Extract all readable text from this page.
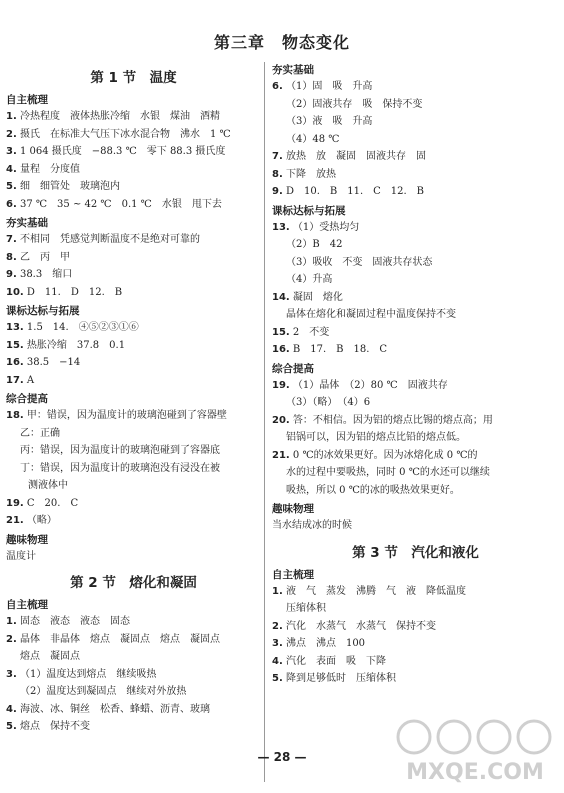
第三章　物态变化
第 1 节　温度
自主梳理
1. 冷热程度　液体热胀冷缩　水银　煤油　酒精
2. 摄氏　在标准大气压下冰水混合物　沸水　1 ℃
3. 1 064 摄氏度　−88.3 ℃　零下 88.3 摄氏度
4. 量程　分度值
5. 细　细管处　玻璃泡内
6. 37 ℃　35 ~ 42 ℃　0.1 ℃　水银　甩下去
夯实基础
7. 不相同　凭感觉判断温度不是绝对可靠的
8. 乙　丙　甲
9. 38.3　缩口
10. D　11.　D　12.　B
课标达标与拓展
13. 1.5　14.　④⑤②③①⑥
15. 热胀冷缩　37.8　0.1
16. 38.5　−14
17. A
综合提高
18. 甲：错误，因为温度计的玻璃泡碰到了容器壁
乙：正确
丙：错误，因为温度计的玻璃泡碰到了容器底
丁：错误，因为温度计的玻璃泡没有浸没在被
测液体中
19. C　20.　C
21. （略）
趣味物理
温度计
第 2 节　熔化和凝固
自主梳理
1. 固态　液态　液态　固态
2. 晶体　非晶体　熔点　凝固点　熔点　凝固点
熔点　凝固点
3. （1）温度达到熔点　继续吸热
（2）温度达到凝固点　继续对外放热
4. 海波、冰、铜丝　松香、蜂蜡、沥青、玻璃
5. 熔点　保持不变
夯实基础
6. （1）固　吸　升高
（2）固液共存　吸　保持不变
（3）液　吸　升高
（4）48 ℃
7. 放热　放　凝固　固液共存　固
8. 下降　放热
9. D　10.　B　11.　C　12.　B
课标达标与拓展
13. （1）受热均匀
（2）B　42
（3）吸收　不变　固液共存状态
（4）升高
14. 凝固　熔化
晶体在熔化和凝固过程中温度保持不变
15. 2　不变
16. B　17.　B　18.　C
综合提高
19. （1）晶体　（2）80 ℃　固液共存
（3）（略）　（4）6
20. 答：不相信。因为铝的熔点比锡的熔点高；用
铝锅可以，因为铝的熔点比铅的熔点低。
21. 0 ℃的冰效果更好。因为冰熔化成 0 ℃的
水的过程中要吸热，同时 0 ℃的水还可以继续
吸热，所以 0 ℃的冰的吸热效果更好。
趣味物理
当水结成冰的时候
第 3 节　汽化和液化
自主梳理
1. 液　气　蒸发　沸腾　气　液　降低温度
压缩体积
2. 汽化　水蒸气　水蒸气　保持不变
3. 沸点　沸点　100
4. 汽化　表面　吸　下降
5. 降到足够低时　压缩体积
— 28 —
MXQE.COM
